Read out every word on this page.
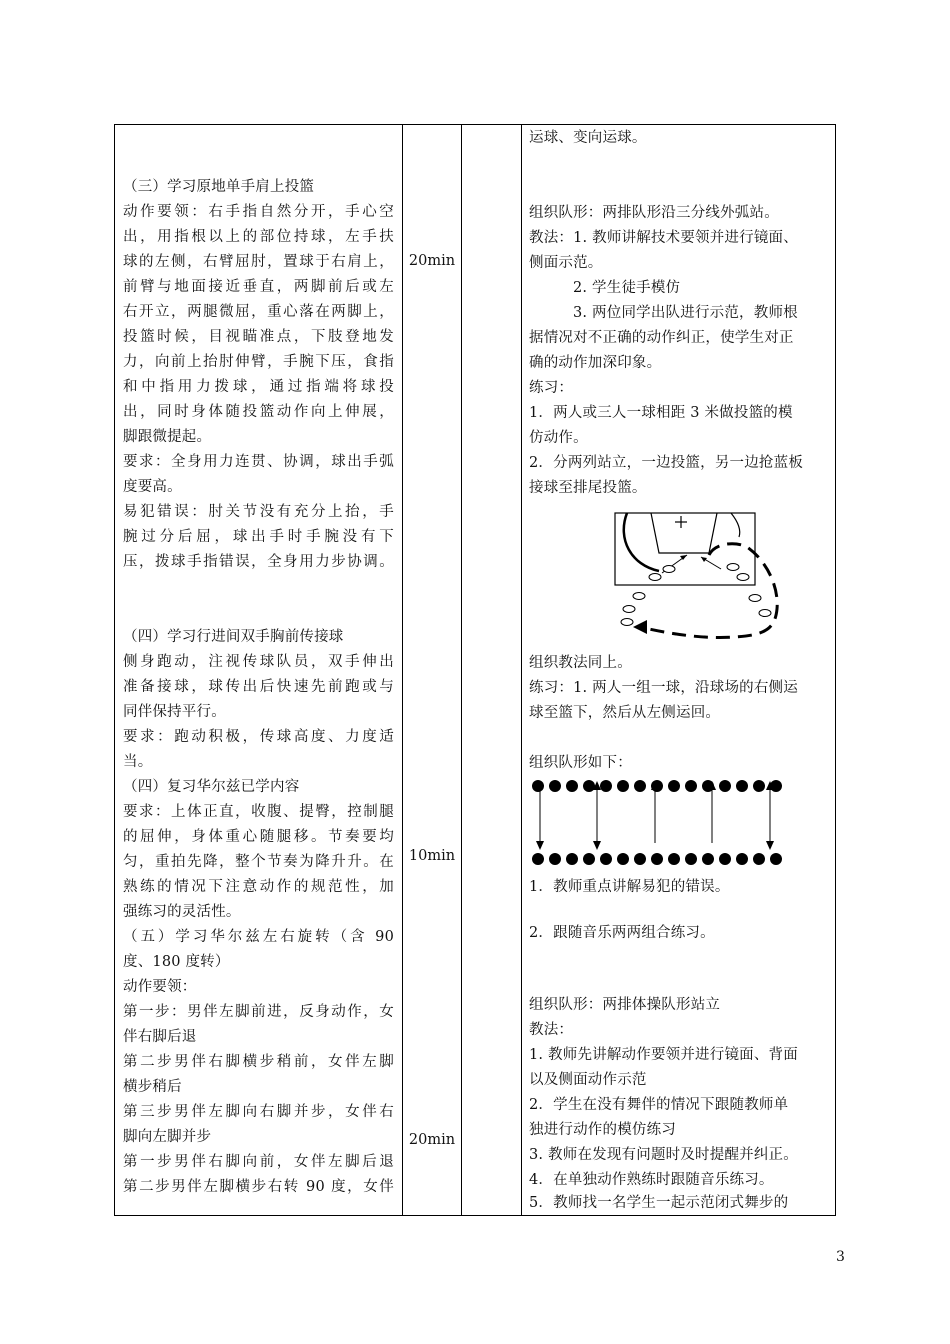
（三）学习原地单手肩上投篮
动作要领：右手指自然分开，手心空
出，用指根以上的部位持球，左手扶
球的左侧，右臂屈肘，置球于右肩上，
前臂与地面接近垂直，两脚前后或左
右开立，两腿微屈，重心落在两脚上，
投篮时候，目视瞄准点，下肢登地发
力，向前上抬肘伸臂，手腕下压，食指
和中指用力拨球，通过指端将球投
出，同时身体随投篮动作向上伸展，
脚跟微提起。
要求：全身用力连贯、协调，球出手弧
度要高。
易犯错误：肘关节没有充分上抬，手
腕过分后屈，球出手时手腕没有下
压，拨球手指错误，全身用力步协调。
（四）学习行进间双手胸前传接球
侧身跑动，注视传球队员，双手伸出
准备接球，球传出后快速先前跑或与
同伴保持平行。
要求：跑动积极，传球高度、力度适
当。
（四）复习华尔兹已学内容
要求：上体正直，收腹、提臀，控制腿
的屈伸，身体重心随腿移。节奏要均
匀，重拍先降，整个节奏为降升升。在
熟练的情况下注意动作的规范性，加
强练习的灵活性。
（五）学习华尔兹左右旋转（含 90
度、180 度转）
动作要领：
第一步：男伴左脚前进，反身动作，女
伴右脚后退
第二步男伴右脚横步稍前，女伴左脚
横步稍后
第三步男伴左脚向右脚并步，女伴右
脚向左脚并步
第一步男伴右脚向前，女伴左脚后退
第二步男伴左脚横步右转 90 度，女伴
20min
10min
20min
运球、变向运球。
组织队形：两排队形沿三分线外弧站。
教法：1. 教师讲解技术要领并进行镜面、
侧面示范。
2. 学生徒手模仿
3. 两位同学出队进行示范，教师根
据情况对不正确的动作纠正，使学生对正
确的动作加深印象。
练习：
1．两人或三人一球相距 3 米做投篮的模
仿动作。
2．分两列站立，一边投篮，另一边抢蓝板
接球至排尾投篮。
组织教法同上。
练习：1. 两人一组一球，沿球场的右侧运
球至篮下，然后从左侧运回。
组织队形如下：
1．教师重点讲解易犯的错误。
2．跟随音乐两两组合练习。
组织队形：两排体操队形站立
教法：
1. 教师先讲解动作要领并进行镜面、背面
以及侧面动作示范
2．学生在没有舞伴的情况下跟随教师单
独进行动作的模仿练习
3. 教师在发现有问题时及时提醒并纠正。
4．在单独动作熟练时跟随音乐练习。
5．教师找一名学生一起示范闭式舞步的
3
